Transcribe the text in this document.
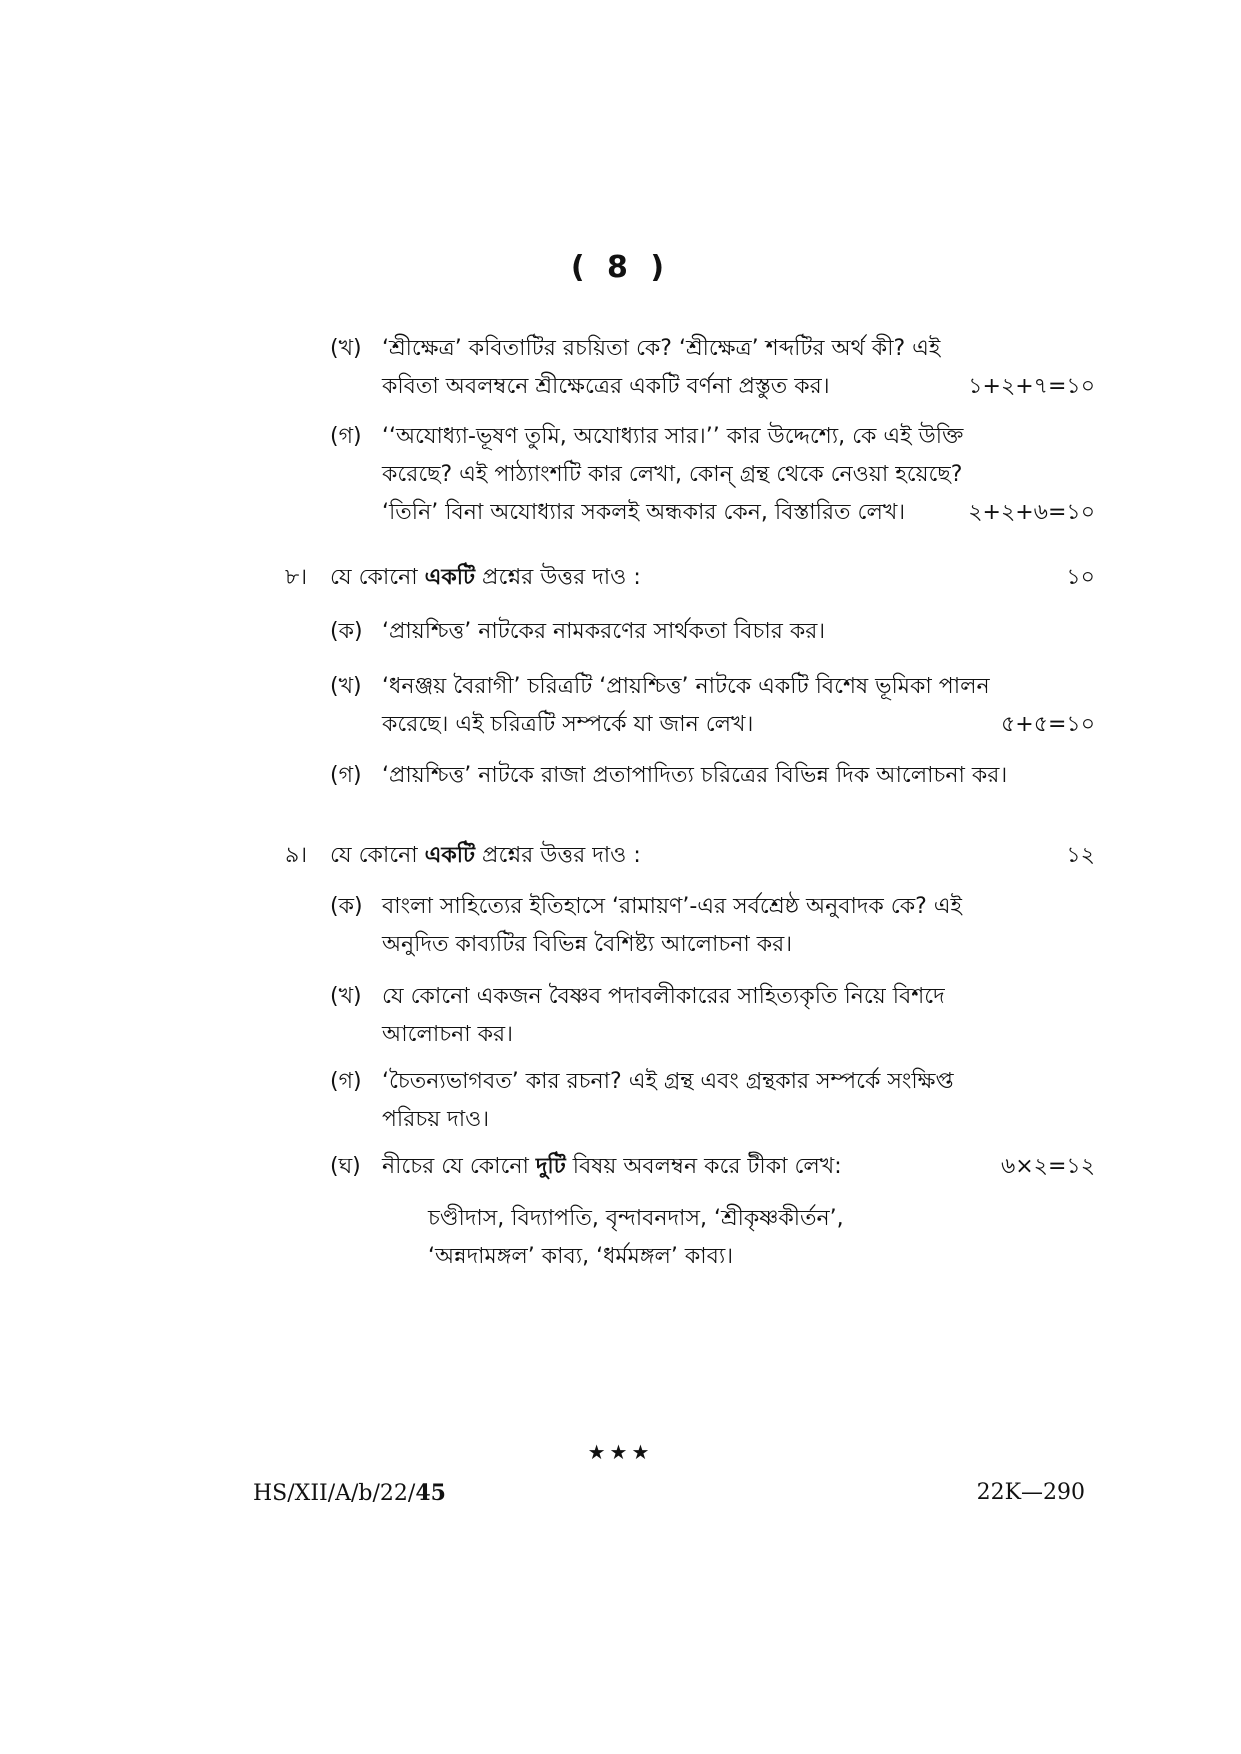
( 8 )
(খ) ‘শ্রীক্ষেত্র’ কবিতাটির রচয়িতা কে? ‘শ্রীক্ষেত্র’ শব্দটির অর্থ কী? এই
কবিতা অবলম্বনে শ্রীক্ষেত্রের একটি বর্ণনা প্রস্তুত কর।	১+২+৭=১০
(গ) ‘‘অযোধ্যা-ভূষণ তুমি, অযোধ্যার সার।’’ কার উদ্দেশ্যে, কে এই উক্তি
করেছে? এই পাঠ্যাংশটি কার লেখা, কোন্ গ্রন্থ থেকে নেওয়া হয়েছে?
‘তিনি’ বিনা অযোধ্যার সকলই অন্ধকার কেন, বিস্তারিত লেখ।	২+২+৬=১০
৮।	যে কোনো একটি প্রশ্নের উত্তর দাও :	১০
(ক) ‘প্রায়শ্চিত্ত’ নাটকের নামকরণের সার্থকতা বিচার কর।
(খ) ‘ধনঞ্জয় বৈরাগী’ চরিত্রটি ‘প্রায়শ্চিত্ত’ নাটকে একটি বিশেষ ভূমিকা পালন
করেছে। এই চরিত্রটি সম্পর্কে যা জান লেখ।	৫+৫=১০
(গ) ‘প্রায়শ্চিত্ত’ নাটকে রাজা প্রতাপাদিত্য চরিত্রের বিভিন্ন দিক আলোচনা কর।
৯।	যে কোনো একটি প্রশ্নের উত্তর দাও :	১২
(ক) বাংলা সাহিত্যের ইতিহাসে ‘রামায়ণ’-এর সর্বশ্রেষ্ঠ অনুবাদক কে? এই
অনুদিত কাব্যটির বিভিন্ন বৈশিষ্ট্য আলোচনা কর।
(খ) যে কোনো একজন বৈষ্ণব পদাবলীকারের সাহিত্যকৃতি নিয়ে বিশদে
আলোচনা কর।
(গ) ‘চৈতন্যভাগবত’ কার রচনা? এই গ্রন্থ এবং গ্রন্থকার সম্পর্কে সংক্ষিপ্ত
পরিচয় দাও।
(ঘ) নীচের যে কোনো দুটি বিষয় অবলম্বন করে টীকা লেখ:	৬×২=১২
চণ্ডীদাস, বিদ্যাপতি, বৃন্দাবনদাস, ‘শ্রীকৃষ্ণকীর্তন’,
‘অন্নদামঙ্গল’ কাব্য, ‘ধর্মমঙ্গল’ কাব্য।
★★★
HS/XII/A/b/22/45	22K—290
